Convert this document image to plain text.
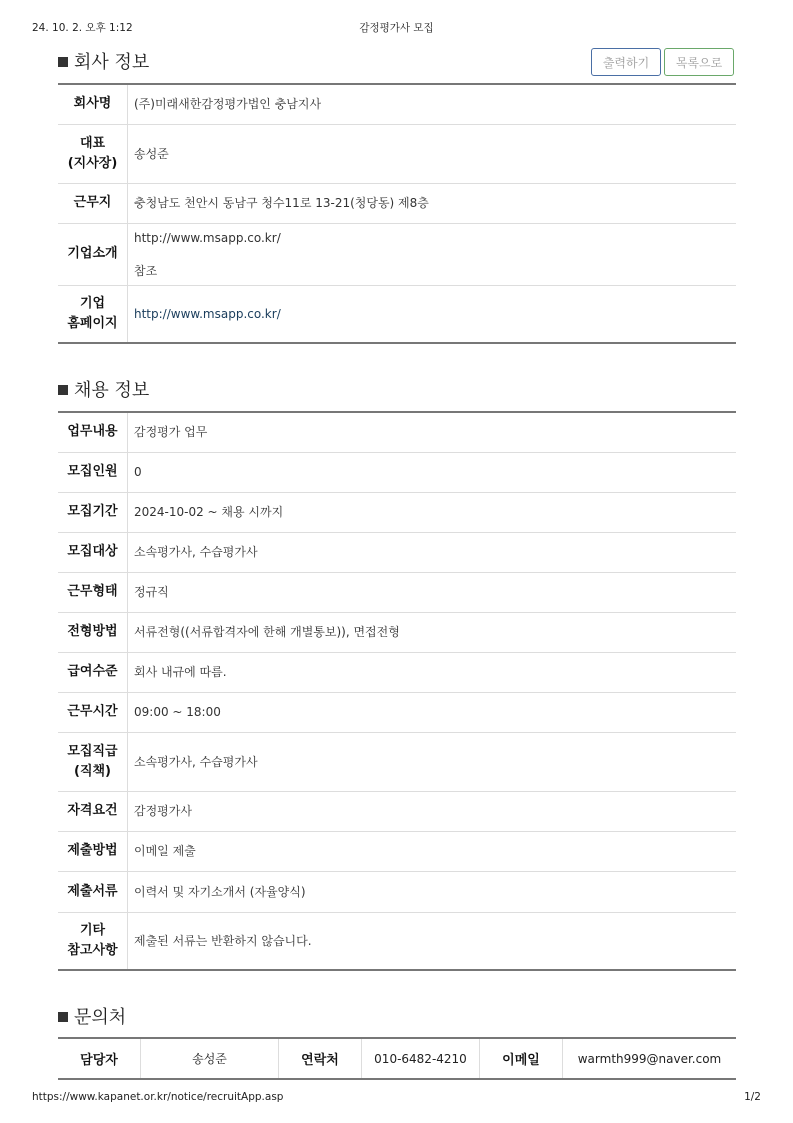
24. 10. 2. 오후 1:12	감정평가사 모집
회사 정보	출력하기	목록으로
회사명	(주)미래새한감정평가법인 충남지사

대표
(지사장)	송성준
근무지	충청남도 천안시 동남구 청수11로 13-21(청당동) 제8층
기업소개	http://www.msapp.co.kr/
참조

기업
홈페이지	http://www.msapp.co.kr/
채용 정보
업무내용	감정평가 업무
모집인원	0
모집기간	2024-10-02 ~ 채용 시까지
모집대상	소속평가사, 수습평가사
근무형태	정규직
전형방법	서류전형((서류합격자에 한해 개별통보)), 면접전형
급여수준	회사 내규에 따름.
근무시간	09:00 ~ 18:00

모집직급
(직책)	소속평가사, 수습평가사
자격요건	감정평가사
제출방법	이메일 제출
제출서류	이력서 및 자기소개서 (자율양식)

기타
참고사항	제출된 서류는 반환하지 않습니다.
문의처
담당자	송성준	연락처	010-6482-4210	이메일	warmth999@naver.com
https://www.kapanet.or.kr/notice/recruitApp.asp	1/2
